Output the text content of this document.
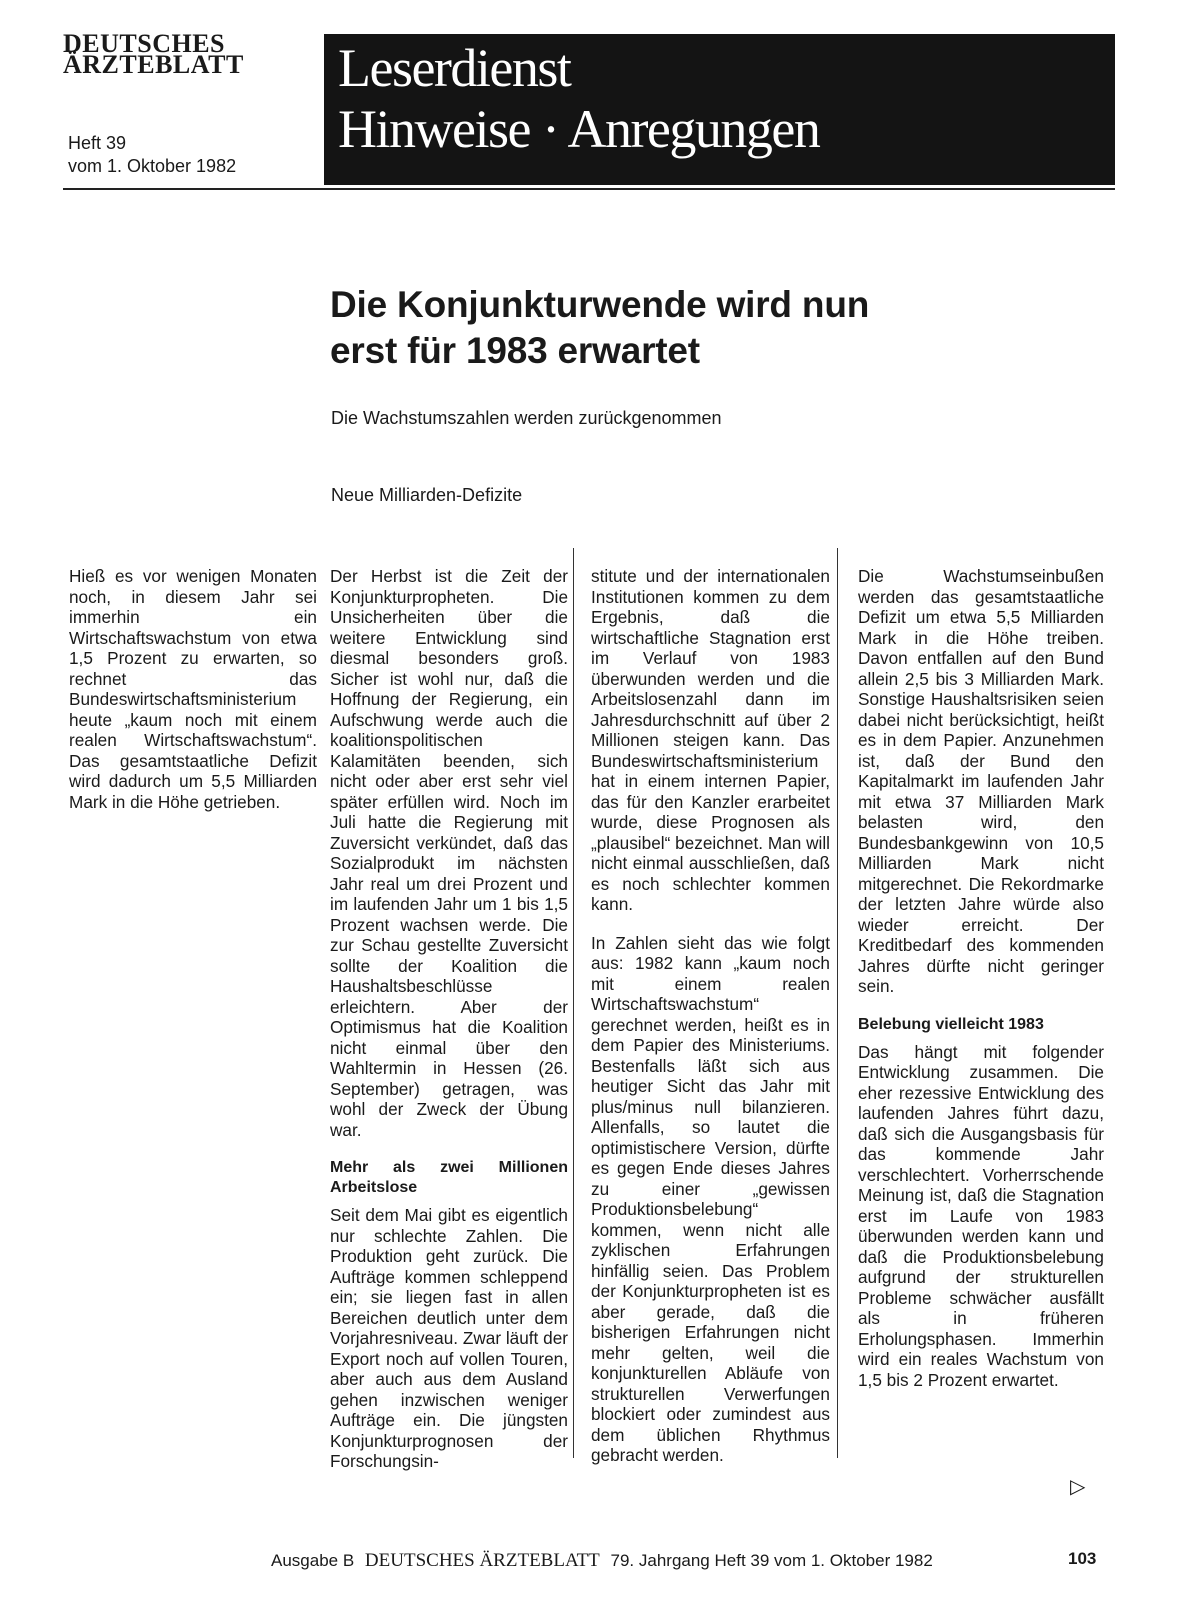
DEUTSCHES
ÄRZTEBLATT
Heft 39
vom 1. Oktober 1982
Leserdienst
Hinweise · Anregungen
Die Konjunkturwende wird nun
erst für 1983 erwartet
Die Wachstumszahlen werden zurückgenommen
Neue Milliarden-Defizite

Hieß es vor wenigen Monaten noch, in diesem Jahr sei immerhin ein Wirtschaftswachstum von etwa 1,5 Prozent zu erwarten, so rechnet das Bundeswirtschaftsministerium heute „kaum noch mit einem realen Wirtschaftswachstum“. Das gesamtstaatliche Defizit wird dadurch um 5,5 Milliarden Mark in die Höhe getrieben.

Der Herbst ist die Zeit der Konjunkturpropheten. Die Unsicherheiten über die weitere Entwicklung sind diesmal besonders groß. Sicher ist wohl nur, daß die Hoffnung der Regierung, ein Aufschwung werde auch die koalitionspolitischen Kalamitäten beenden, sich nicht oder aber erst sehr viel später erfüllen wird. Noch im Juli hatte die Regierung mit Zuversicht verkündet, daß das Sozialprodukt im nächsten Jahr real um drei Prozent und im laufenden Jahr um 1 bis 1,5 Prozent wachsen werde. Die zur Schau gestellte Zuversicht sollte der Koalition die Haushaltsbeschlüsse erleichtern. Aber der Optimismus hat die Koalition nicht einmal über den Wahltermin in Hessen (26. September) getragen, was wohl der Zweck der Übung war.

Mehr als zwei Millionen Arbeitslose

Seit dem Mai gibt es eigentlich nur schlechte Zahlen. Die Produktion geht zurück. Die Aufträge kommen schleppend ein; sie liegen fast in allen Bereichen deutlich unter dem Vorjahresniveau. Zwar läuft der Export noch auf vollen Touren, aber auch aus dem Ausland gehen inzwischen weniger Aufträge ein. Die jüngsten Konjunkturprognosen der Forschungsin-

stitute und der internationalen Institutionen kommen zu dem Ergebnis, daß die wirtschaftliche Stagnation erst im Verlauf von 1983 überwunden werden und die Arbeitslosenzahl dann im Jahresdurchschnitt auf über 2 Millionen steigen kann. Das Bundeswirtschaftsministerium hat in einem internen Papier, das für den Kanzler erarbeitet wurde, diese Prognosen als „plausibel“ bezeichnet. Man will nicht einmal ausschließen, daß es noch schlechter kommen kann.

In Zahlen sieht das wie folgt aus: 1982 kann „kaum noch mit einem realen Wirtschaftswachstum“ gerechnet werden, heißt es in dem Papier des Ministeriums. Bestenfalls läßt sich aus heutiger Sicht das Jahr mit plus/minus null bilanzieren. Allenfalls, so lautet die optimistischere Version, dürfte es gegen Ende dieses Jahres zu einer „gewissen Produktionsbelebung“ kommen, wenn nicht alle zyklischen Erfahrungen hinfällig seien. Das Problem der Konjunkturpropheten ist es aber gerade, daß die bisherigen Erfahrungen nicht mehr gelten, weil die konjunkturellen Abläufe von strukturellen Verwerfungen blockiert oder zumindest aus dem üblichen Rhythmus gebracht werden.

Die Wachstumseinbußen werden das gesamtstaatliche Defizit um etwa 5,5 Milliarden Mark in die Höhe treiben. Davon entfallen auf den Bund allein 2,5 bis 3 Milliarden Mark. Sonstige Haushaltsrisiken seien dabei nicht berücksichtigt, heißt es in dem Papier. Anzunehmen ist, daß der Bund den Kapitalmarkt im laufenden Jahr mit etwa 37 Milliarden Mark belasten wird, den Bundesbankgewinn von 10,5 Milliarden Mark nicht mitgerechnet. Die Rekordmarke der letzten Jahre würde also wieder erreicht. Der Kreditbedarf des kommenden Jahres dürfte nicht geringer sein.

Belebung vielleicht 1983

Das hängt mit folgender Entwicklung zusammen. Die eher rezessive Entwicklung des laufenden Jahres führt dazu, daß sich die Ausgangsbasis für das kommende Jahr verschlechtert. Vorherrschende Meinung ist, daß die Stagnation erst im Laufe von 1983 überwunden werden kann und daß die Produktionsbelebung aufgrund der strukturellen Probleme schwächer ausfällt als in früheren Erholungsphasen. Immerhin wird ein reales Wachstum von 1,5 bis 2 Prozent erwartet.

▷
Ausgabe B DEUTSCHES ÄRZTEBLATT 79. Jahrgang Heft 39 vom 1. Oktober 1982	103
